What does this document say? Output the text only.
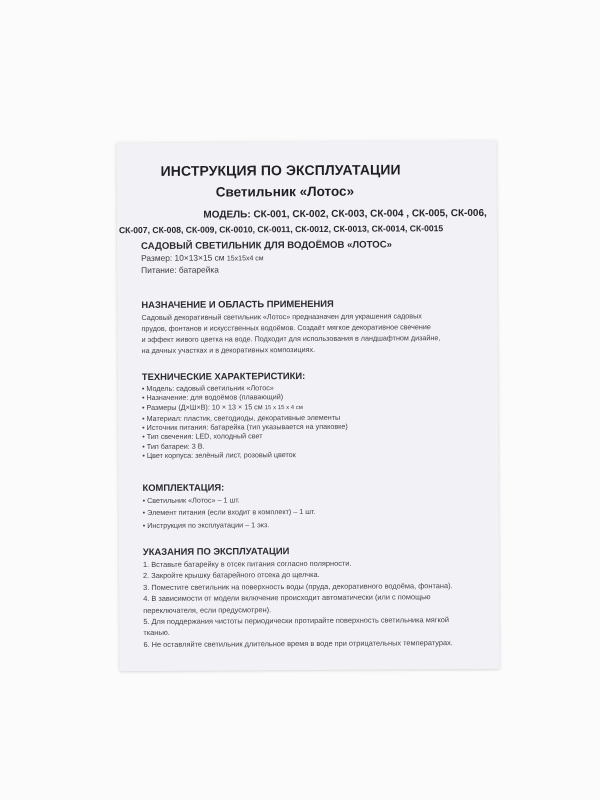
ИНСТРУКЦИЯ ПО ЭКСПЛУАТАЦИИ
Светильник «Лотос»
МОДЕЛЬ: СК-001, СК-002, СК-003, СК-004 , СК-005, СК-006,
СК-007, СК-008, СК-009, СК-0010, СК-0011, СК-0012, СК-0013, СК-0014, СК-0015
САДОВЫЙ СВЕТИЛЬНИК ДЛЯ ВОДОЁМОВ «ЛОТОС»
Размер: 10×13×15 см 15х15х4 см
Питание: батарейка
НАЗНАЧЕНИЕ И ОБЛАСТЬ ПРИМЕНЕНИЯ
Садовый декоративный светильник «Лотос» предназначен для украшения садовых
прудов, фонтанов и искусственных водоёмов. Создаёт мягкое декоративное свечение
и эффект живого цветка на воде. Подходит для использования в ландшафтном дизайне,
на дачных участках и в декоративных композициях.
ТЕХНИЧЕСКИЕ ХАРАКТЕРИСТИКИ:
• Модель: садовый светильник «Лотос»
• Назначение: для водоёмов (плавающий)
• Размеры (Д×Ш×В): 10 × 13 × 15 см 15 х 15 х 4 см
• Материал: пластик, светодиоды, декоративные элементы
• Источник питания: батарейка (тип указывается на упаковке)
• Тип свечения: LED, холодный свет
• Тип батареи: 3 В.
• Цвет корпуса: зелёный лист, розовый цветок
КОМПЛЕКТАЦИЯ:
• Светильник «Лотос» – 1 шт.
• Элемент питания (если входит в комплект) – 1 шт.
• Инструкция по эксплуатации – 1 экз.
УКАЗАНИЯ ПО ЭКСПЛУАТАЦИИ
1. Вставьте батарейку в отсек питания согласно полярности.
2. Закройте крышку батарейного отсека до щелчка.
3. Поместите светильник на поверхность воды (пруда, декоративного водоёма, фонтана).
4. В зависимости от модели включение происходит автоматически (или с помощью
переключателя, если предусмотрен).
5. Для поддержания чистоты периодически протирайте поверхность светильника мягкой
тканью.
6. Не оставляйте светильник длительное время в воде при отрицательных температурах.
